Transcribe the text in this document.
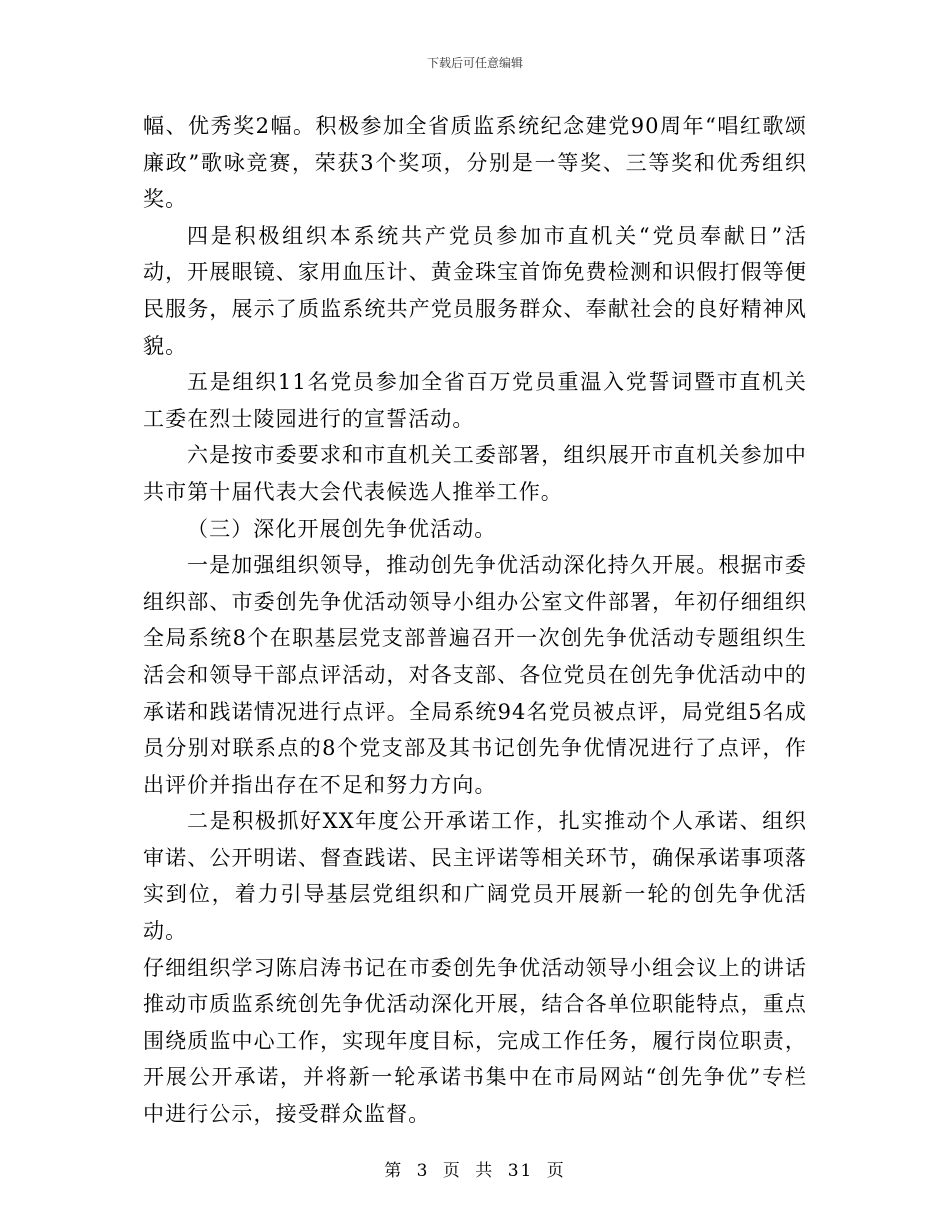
下载后可任意编辑

幅、优秀奖2幅。积极参加全省质监系统纪念建党90周年“唱红歌颂廉政”歌咏竞赛，荣获3个奖项，分别是一等奖、三等奖和优秀组织奖。

四是积极组织本系统共产党员参加市直机关“党员奉献日”活动，开展眼镜、家用血压计、黄金珠宝首饰免费检测和识假打假等便民服务，展示了质监系统共产党员服务群众、奉献社会的良好精神风貌。

五是组织11名党员参加全省百万党员重温入党誓词暨市直机关工委在烈士陵园进行的宣誓活动。

六是按市委要求和市直机关工委部署，组织展开市直机关参加中共市第十届代表大会代表候选人推举工作。

（三）深化开展创先争优活动。

一是加强组织领导，推动创先争优活动深化持久开展。根据市委组织部、市委创先争优活动领导小组办公室文件部署，年初仔细组织全局系统8个在职基层党支部普遍召开一次创先争优活动专题组织生活会和领导干部点评活动，对各支部、各位党员在创先争优活动中的承诺和践诺情况进行点评。全局系统94名党员被点评，局党组5名成员分别对联系点的8个党支部及其书记创先争优情况进行了点评，作出评价并指出存在不足和努力方向。

二是积极抓好XX年度公开承诺工作，扎实推动个人承诺、组织审诺、公开明诺、督查践诺、民主评诺等相关环节，确保承诺事项落实到位，着力引导基层党组织和广阔党员开展新一轮的创先争优活动。

仔细组织学习陈启涛书记在市委创先争优活动领导小组会议上的讲话推动市质监系统创先争优活动深化开展，结合各单位职能特点，重点围绕质监中心工作，实现年度目标，完成工作任务，履行岗位职责，开展公开承诺，并将新一轮承诺书集中在市局网站“创先争优”专栏中进行公示，接受群众监督。

第 3 页 共 31 页
